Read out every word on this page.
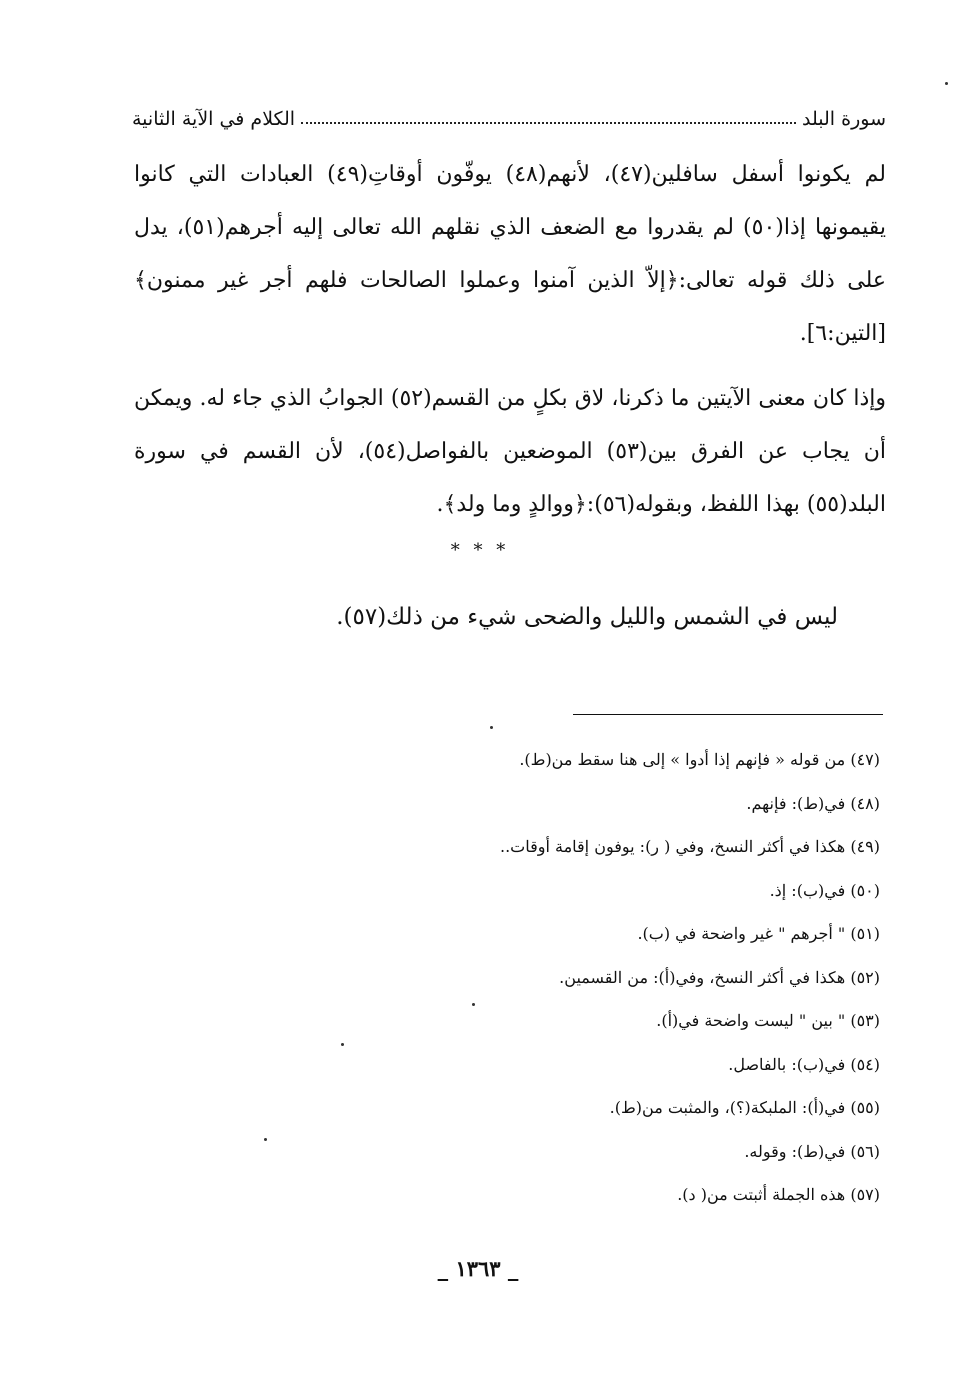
سورة البلد
الكلام في الآية الثانية

لم يكونوا أسفل سافلين(٤٧)، لأنهم(٤٨) يوفّون أوقاتِ(٤٩) العبادات التي كانوا يقيمونها إذا(٥٠) لم يقدروا مع الضعف الذي نقلهم الله تعالى إليه أجرهم(٥١)، يدل على ذلك قوله تعالى:﴿إلاّ الذين آمنوا وعملوا الصالحات فلهم أجر غير ممنون﴾ [التين:٦].

وإذا كان معنى الآيتين ما ذكرنا، لاق بكلٍ من القسم(٥٢) الجوابُ الذي جاء له. ويمكن أن يجاب عن الفرق بين(٥٣) الموضعين بالفواصل(٥٤)، لأن القسم في سورة البلد(٥٥) بهذا اللفظ، وبقوله(٥٦):﴿ووالدٍ وما ولد﴾.

* * *
ليس في الشمس والليل والضحى شيء من ذلك(٥٧).
(٤٧) من قوله « فإنهم إذا أدوا » إلى هنا سقط من(ط).
(٤٨) في(ط): فإنهم.
(٤٩) هكذا في أكثر النسخ، وفي ( ر): يوفون إقامة أوقات..
(٥٠) في(ب): إذ.
(٥١) " أجرهم " غير واضحة في (ب).
(٥٢) هكذا في أكثر النسخ، وفي(أ): من القسمين.
(٥٣) " بين " ليست واضحة في(أ).
(٥٤) في(ب): بالفاصل.
(٥٥) في(أ): الملبكة(؟)، والمثبت من(ط).
(٥٦) في(ط): وقوله.
(٥٧) هذه الجملة أثبتت من( د).
_ ١٣٦٣ _
